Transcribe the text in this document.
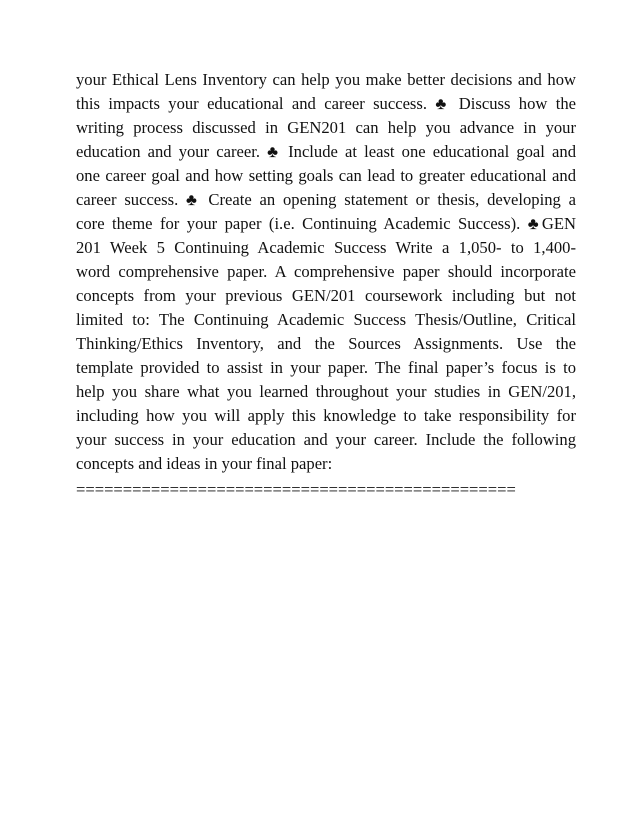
your Ethical Lens Inventory can help you make better decisions and how
this impacts your educational and career success. ♣ Discuss how the
writing process discussed in GEN201 can help you advance in your
education and your career. ♣ Include at least one educational goal and
one career goal and how setting goals can lead to greater educational and
career success. ♣ Create an opening statement or thesis, developing a
core theme for your paper (i.e. Continuing Academic Success). ♣GEN
201 Week 5 Continuing Academic Success Write a 1,050- to 1,400-
word comprehensive paper. A comprehensive paper should incorporate
concepts from your previous GEN/201 coursework including but not
limited to: The Continuing Academic Success Thesis/Outline, Critical
Thinking/Ethics Inventory, and the Sources Assignments. Use the
template provided to assist in your paper. The final paper’s focus is to
help you share what you learned throughout your studies in GEN/201,
including how you will apply this knowledge to take responsibility for
your success in your education and your career. Include the following
concepts and ideas in your final paper:
===============================================
